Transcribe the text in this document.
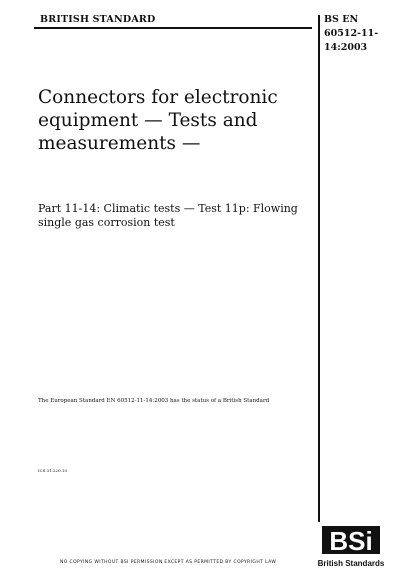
BRITISH STANDARD	BS EN
60512-11-14:2003
Connectors for electronic equipment — Tests and measurements —
Part 11-14: Climatic tests — Test 11p: Flowing single gas corrosion test
The European Standard EN 60512-11-14:2003 has the status of a British Standard
ICS 31.220.10
NO COPYING WITHOUT BSI PERMISSION EXCEPT AS PERMITTED BY COPYRIGHT LAW
BSi
British Standards
